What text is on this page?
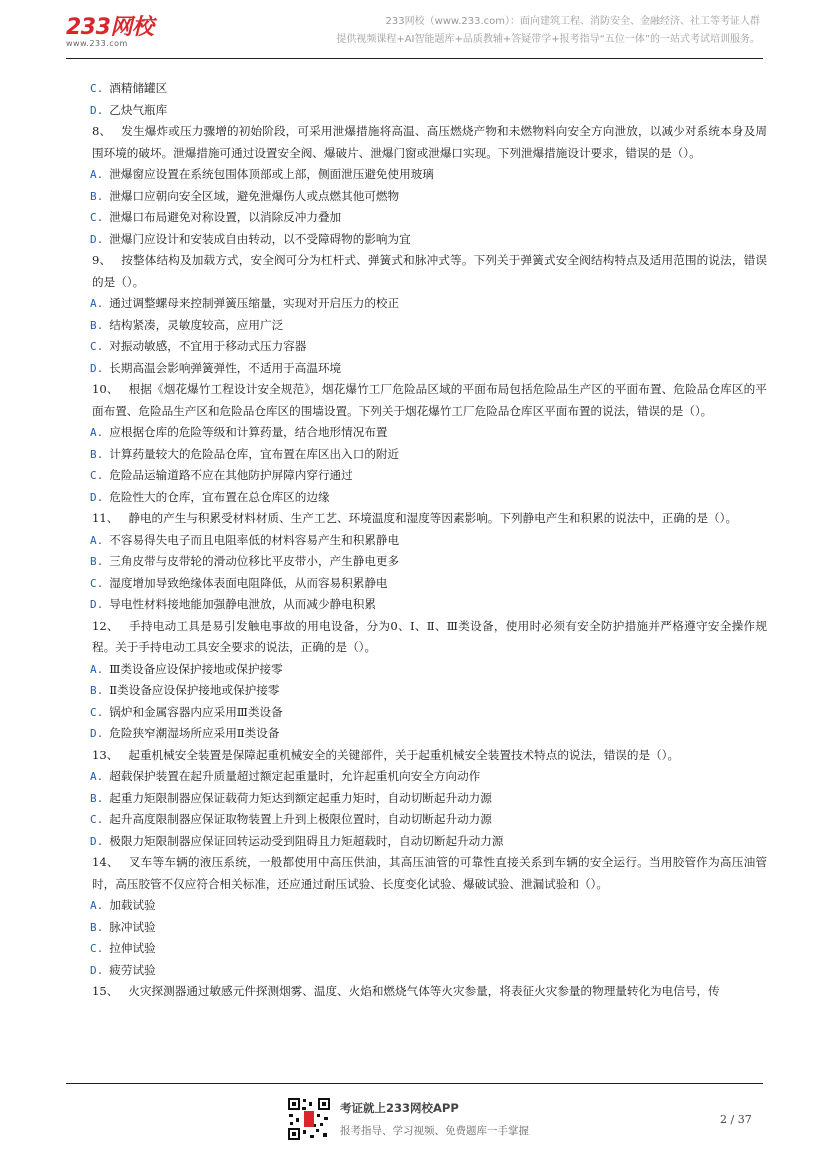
233网校
www.233.com
233网校（www.233.com）：面向建筑工程、消防安全、金融经济、社工等考证人群
提供视频课程+AI智能题库+品质教辅+答疑带学+报考指导“五位一体”的一站式考试培训服务。
C. 酒精储罐区
D. 乙炔气瓶库
8、 发生爆炸或压力骤增的初始阶段，可采用泄爆措施将高温、高压燃烧产物和未燃物料向安全方向泄放，以减少对系统本身及周围环境的破坏。泄爆措施可通过设置安全阀、爆破片、泄爆门窗或泄爆口实现。下列泄爆措施设计要求，错误的是（）。
A. 泄爆窗应设置在系统包围体顶部或上部，侧面泄压避免使用玻璃
B. 泄爆口应朝向安全区域，避免泄爆伤人或点燃其他可燃物
C. 泄爆口布局避免对称设置，以消除反冲力叠加
D. 泄爆门应设计和安装成自由转动，以不受障碍物的影响为宜
9、 按整体结构及加载方式，安全阀可分为杠杆式、弹簧式和脉冲式等。下列关于弹簧式安全阀结构特点及适用范围的说法，错误的是（）。
A. 通过调整螺母来控制弹簧压缩量，实现对开启压力的校正
B. 结构紧凑，灵敏度较高，应用广泛
C. 对振动敏感，不宜用于移动式压力容器
D. 长期高温会影响弹簧弹性，不适用于高温环境
10、 根据《烟花爆竹工程设计安全规范》，烟花爆竹工厂危险品区域的平面布局包括危险品生产区的平面布置、危险品仓库区的平面布置、危险品生产区和危险品仓库区的围墙设置。下列关于烟花爆竹工厂危险品仓库区平面布置的说法，错误的是（）。
A. 应根据仓库的危险等级和计算药量，结合地形情况布置
B. 计算药量较大的危险品仓库，宜布置在库区出入口的附近
C. 危险品运输道路不应在其他防护屏障内穿行通过
D. 危险性大的仓库，宜布置在总仓库区的边缘
11、 静电的产生与积累受材料材质、生产工艺、环境温度和湿度等因素影响。下列静电产生和积累的说法中，正确的是（）。
A. 不容易得失电子而且电阻率低的材料容易产生和积累静电
B. 三角皮带与皮带轮的滑动位移比平皮带小，产生静电更多
C. 湿度增加导致绝缘体表面电阻降低，从而容易积累静电
D. 导电性材料接地能加强静电泄放，从而减少静电积累
12、 手持电动工具是易引发触电事故的用电设备，分为0、Ⅰ、Ⅱ、Ⅲ类设备，使用时必须有安全防护措施并严格遵守安全操作规程。关于手持电动工具安全要求的说法，正确的是（）。
A. Ⅲ类设备应设保护接地或保护接零
B. Ⅱ类设备应设保护接地或保护接零
C. 锅炉和金属容器内应采用Ⅲ类设备
D. 危险狭窄潮湿场所应采用Ⅱ类设备
13、 起重机械安全装置是保障起重机械安全的关键部件，关于起重机械安全装置技术特点的说法，错误的是（）。
A. 超载保护装置在起升质量超过额定起重量时，允许起重机向安全方向动作
B. 起重力矩限制器应保证载荷力矩达到额定起重力矩时，自动切断起升动力源
C. 起升高度限制器应保证取物装置上升到上极限位置时，自动切断起升动力源
D. 极限力矩限制器应保证回转运动受到阻碍且力矩超载时，自动切断起升动力源
14、 叉车等车辆的液压系统，一般都使用中高压供油，其高压油管的可靠性直接关系到车辆的安全运行。当用胶管作为高压油管时，高压胶管不仅应符合相关标准，还应通过耐压试验、长度变化试验、爆破试验、泄漏试验和（）。
A. 加载试验
B. 脉冲试验
C. 拉伸试验
D. 疲劳试验
15、 火灾探测器通过敏感元件探测烟雾、温度、火焰和燃烧气体等火灾参量，将表征火灾参量的物理量转化为电信号，传
考证就上233网校APP
报考指导、学习视频、免费题库一手掌握
2 / 37
